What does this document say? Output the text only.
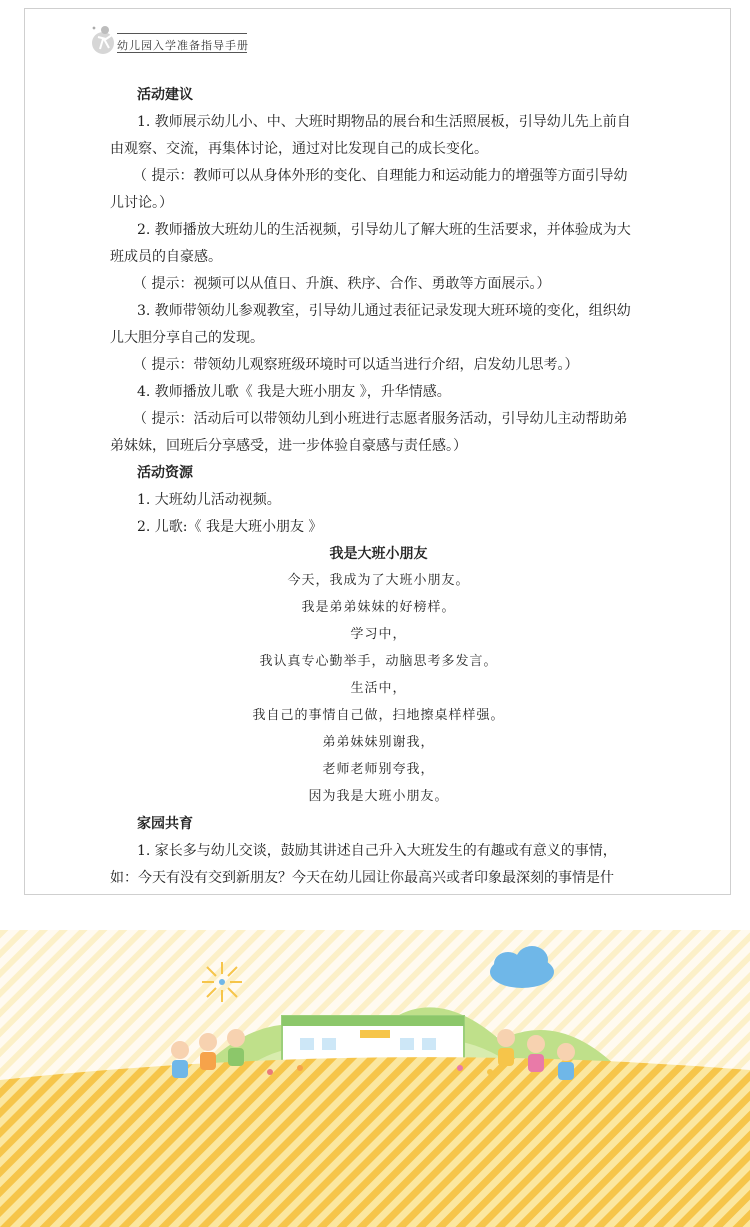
幼儿园入学准备指导手册
活动建议
1. 教师展示幼儿小、中、大班时期物品的展台和生活照展板，引导幼儿先上前自
由观察、交流，再集体讨论，通过对比发现自己的成长变化。
（ 提示：教师可以从身体外形的变化、自理能力和运动能力的增强等方面引导幼
儿讨论。）
2. 教师播放大班幼儿的生活视频，引导幼儿了解大班的生活要求，并体验成为大
班成员的自豪感。
（ 提示：视频可以从值日、升旗、秩序、合作、勇敢等方面展示。）
3. 教师带领幼儿参观教室，引导幼儿通过表征记录发现大班环境的变化，组织幼
儿大胆分享自己的发现。
（ 提示：带领幼儿观察班级环境时可以适当进行介绍，启发幼儿思考。）
4. 教师播放儿歌《 我是大班小朋友 》，升华情感。
（ 提示：活动后可以带领幼儿到小班进行志愿者服务活动，引导幼儿主动帮助弟
弟妹妹，回班后分享感受，进一步体验自豪感与责任感。）
活动资源
1. 大班幼儿活动视频。
2. 儿歌:《 我是大班小朋友 》
我是大班小朋友
今天，我成为了大班小朋友。
我是弟弟妹妹的好榜样。
学习中，
我认真专心勤举手，动脑思考多发言。
生活中，
我自己的事情自己做，扫地擦桌样样强。
弟弟妹妹别谢我，
老师老师别夸我，
因为我是大班小朋友。
家园共育
1. 家长多与幼儿交谈，鼓励其讲述自己升入大班发生的有趣或有意义的事情，
如：今天有没有交到新朋友？今天在幼儿园让你最高兴或者印象最深刻的事情是什
